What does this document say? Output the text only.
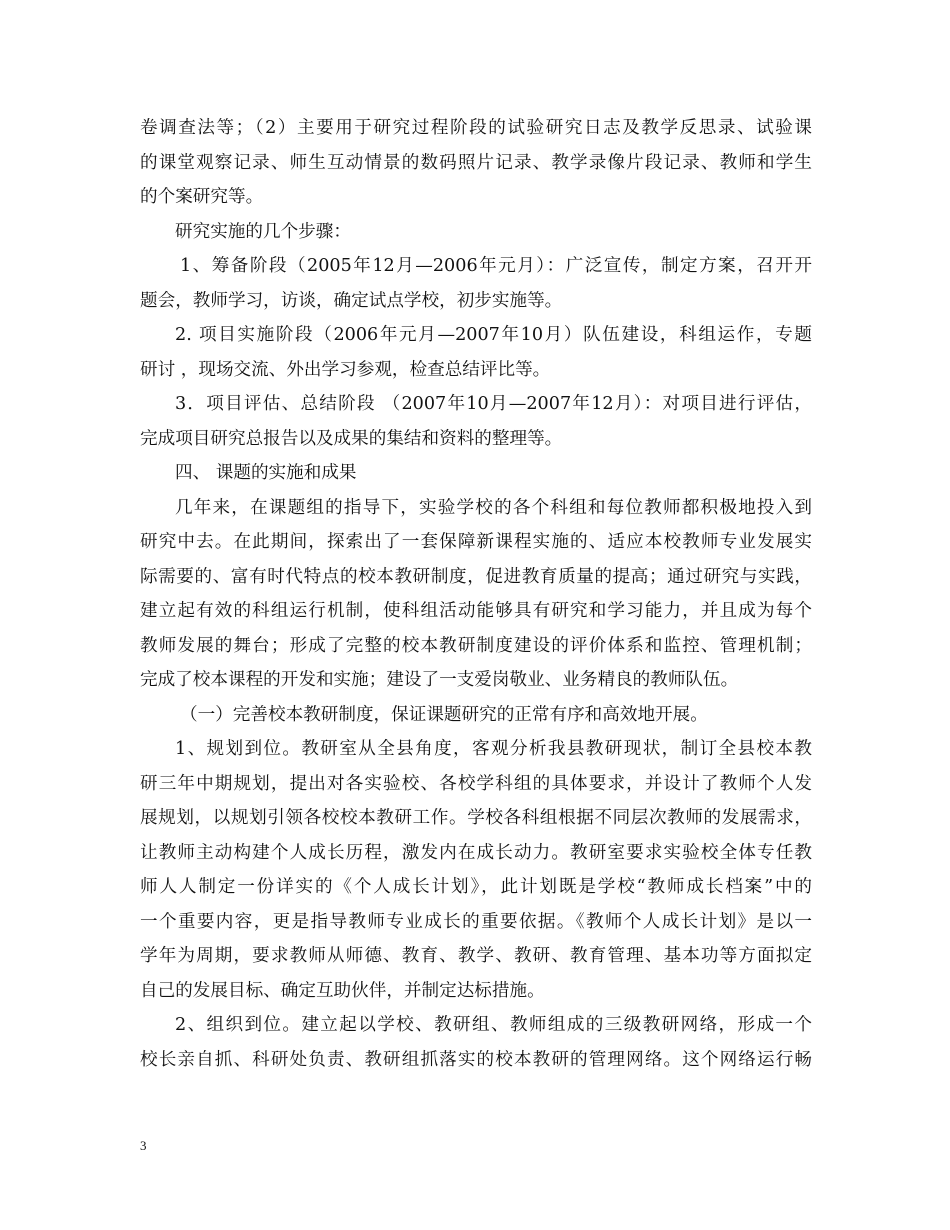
卷调查法等；（2）主要用于研究过程阶段的试验研究日志及教学反思录、试验课
的课堂观察记录、师生互动情景的数码照片记录、教学录像片段记录、教师和学生
的个案研究等。
研究实施的几个步骤：
1、筹备阶段（2005年12月—2006年元月）：广泛宣传，制定方案，召开开
题会，教师学习，访谈，确定试点学校，初步实施等。
2. 项目实施阶段（2006年元月—2007年10月）队伍建设，科组运作，专题
研讨 ，现场交流、外出学习参观，检查总结评比等。
3．项目评估、总结阶段 （2007年10月—2007年12月）：对项目进行评估，
完成项目研究总报告以及成果的集结和资料的整理等。
四、 课题的实施和成果
几年来，在课题组的指导下，实验学校的各个科组和每位教师都积极地投入到
研究中去。在此期间，探索出了一套保障新课程实施的、适应本校教师专业发展实
际需要的、富有时代特点的校本教研制度，促进教育质量的提高；通过研究与实践，
建立起有效的科组运行机制，使科组活动能够具有研究和学习能力，并且成为每个
教师发展的舞台；形成了完整的校本教研制度建设的评价体系和监控、管理机制；
完成了校本课程的开发和实施；建设了一支爱岗敬业、业务精良的教师队伍。
（一）完善校本教研制度，保证课题研究的正常有序和高效地开展。
1、规划到位。教研室从全县角度，客观分析我县教研现状，制订全县校本教
研三年中期规划，提出对各实验校、各校学科组的具体要求，并设计了教师个人发
展规划，以规划引领各校校本教研工作。学校各科组根据不同层次教师的发展需求，
让教师主动构建个人成长历程，激发内在成长动力。教研室要求实验校全体专任教
师人人制定一份详实的《个人成长计划》，此计划既是学校“教师成长档案”中的
一个重要内容，更是指导教师专业成长的重要依据。《教师个人成长计划》是以一
学年为周期，要求教师从师德、教育、教学、教研、教育管理、基本功等方面拟定
自己的发展目标、确定互助伙伴，并制定达标措施。
2、组织到位。建立起以学校、教研组、教师组成的三级教研网络，形成一个
校长亲自抓、科研处负责、教研组抓落实的校本教研的管理网络。这个网络运行畅
3
